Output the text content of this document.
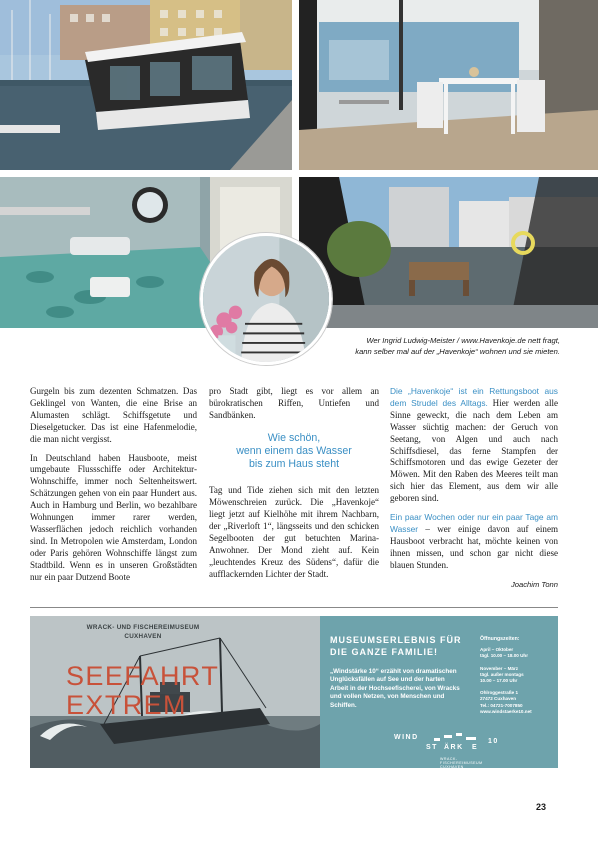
Wer Ingrid Ludwig-Meister / www.Havenkoje.de nett fragt,
kann selber mal auf der „Havenkoje“ wohnen und sie mieten.

Gurgeln bis zum dezenten Schmatzen. Das Geklingel von Wanten, die eine Brise an Alumasten schlägt. Schiffsgetute und Dieselgetucker. Das ist eine Hafenmelodie, die man nicht vergisst.

In Deutschland haben Hausboote, meist umgebaute Flussschiffe oder Architektur-Wohnschiffe, immer noch Seltenheitswert. Schätzungen gehen von ein paar Hundert aus. Auch in Hamburg und Berlin, wo bezahlbare Wohnungen immer rarer werden, Wasserflächen jedoch reichlich vorhanden sind. In Metropolen wie Amsterdam, London oder Paris gehören Wohnschiffe längst zum Stadtbild. Wenn es in unseren Großstädten nur ein paar Dutzend Boote

pro Stadt gibt, liegt es vor allem an bürokratischen Riffen, Untiefen und Sandbänken.

Wie schön,
wenn einem das Wasser
bis zum Haus steht

Tag und Tide ziehen sich mit den letzten Möwenschreien zurück. Die „Havenkoje“ liegt jetzt auf Kielhöhe mit ihrem Nachbarn, der „Riverloft 1“, längsseits und den schicken Segelbooten der gut betuchten Marina-Anwohner. Der Mond zieht auf. Kein „leuchtendes Kreuz des Südens“, dafür die aufflackernden Lichter der Stadt.

Die „Havenkoje“ ist ein Rettungsboot aus dem Strudel des Alltags. Hier werden alle Sinne geweckt, die nach dem Leben am Wasser süchtig machen: der Geruch von Seetang, von Algen und auch nach Schiffsdiesel, das ferne Stampfen der Schiffsmotoren und das ewige Gezeter der Möwen. Mit den Raben des Meeres teilt man sich hier das Element, aus dem wir alle geboren sind.

Ein paar Wochen oder nur ein paar Tage am Wasser – wer einige davon auf einem Hausboot verbracht hat, möchte keinen von ihnen missen, und schon gar nicht diese blauen Stunden.

Joachim Tonn
WRACK- UND FISCHEREIMUSEUM
CUXHAVEN
SEEFAHRT
EXTREM
MUSEUMSERLEBNIS FÜR
DIE GANZE FAMILIE!
„Windstärke 10“ erzählt von dramatischen Unglücksfällen auf See und der harten Arbeit in der Hochseefischerei, von Wracks und vollen Netzen, von Menschen und Schiffen.
Öffnungszeiten:
April – Oktober
tägl. 10.00 – 18.00 Uhr
November – März
tägl. außer montags
10.00 – 17.00 Uhr
Ohlroggestraße 1
27472 Cuxhaven
Tel.: 04721-7007850
www.windstaerke10.net
WIND
ST ÄRK E
10
WRACK-
FISCHEREIMUSEUM
CUXHAVEN
23
